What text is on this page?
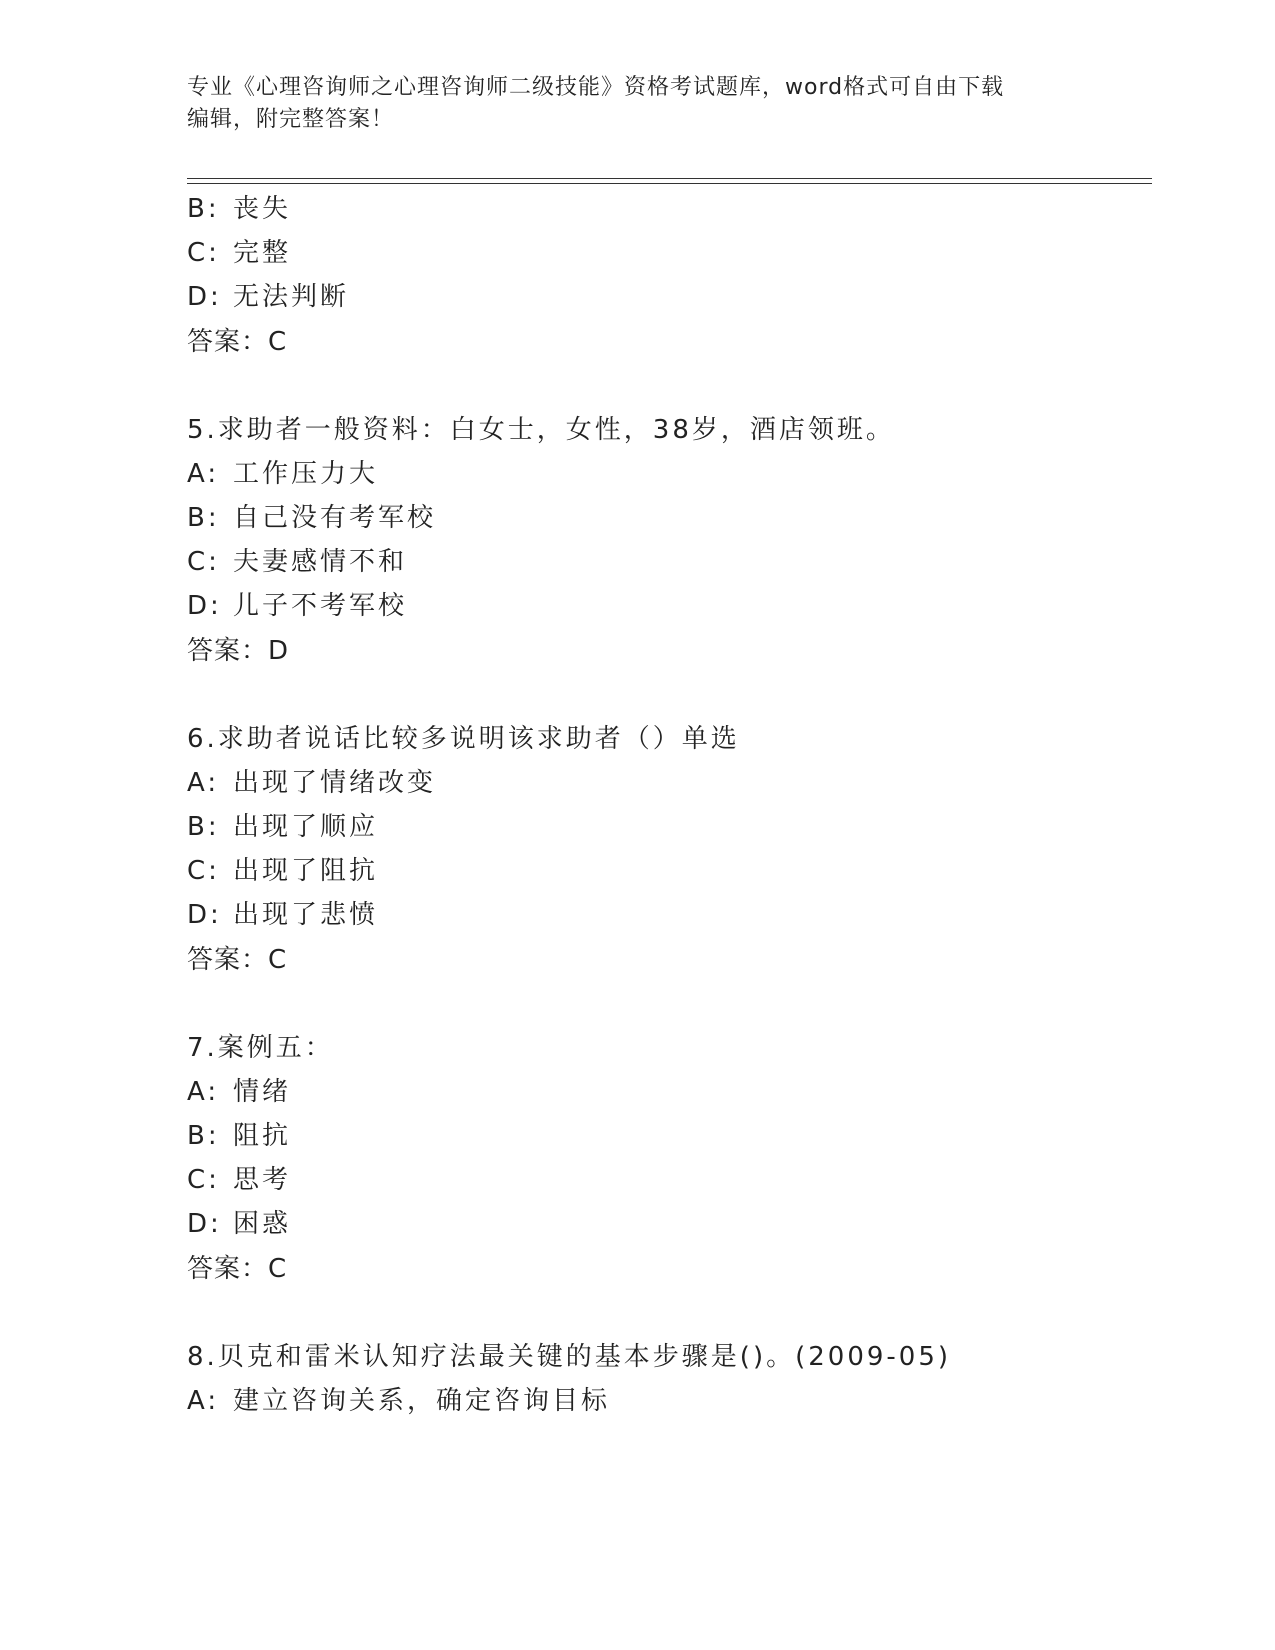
专业《心理咨询师之心理咨询师二级技能》资格考试题库，word格式可自由下载
编辑，附完整答案！
B: 丧失
C: 完整
D: 无法判断
答案：C
5.求助者一般资料：白女士，女性，38岁，酒店领班。
A: 工作压力大
B: 自己没有考军校
C: 夫妻感情不和
D: 儿子不考军校
答案：D
6.求助者说话比较多说明该求助者（）单选
A: 出现了情绪改变
B: 出现了顺应
C: 出现了阻抗
D: 出现了悲愤
答案：C
7.案例五：
A: 情绪
B: 阻抗
C: 思考
D: 困惑
答案：C
8.贝克和雷米认知疗法最关键的基本步骤是()。(2009-05)
A: 建立咨询关系，确定咨询目标
